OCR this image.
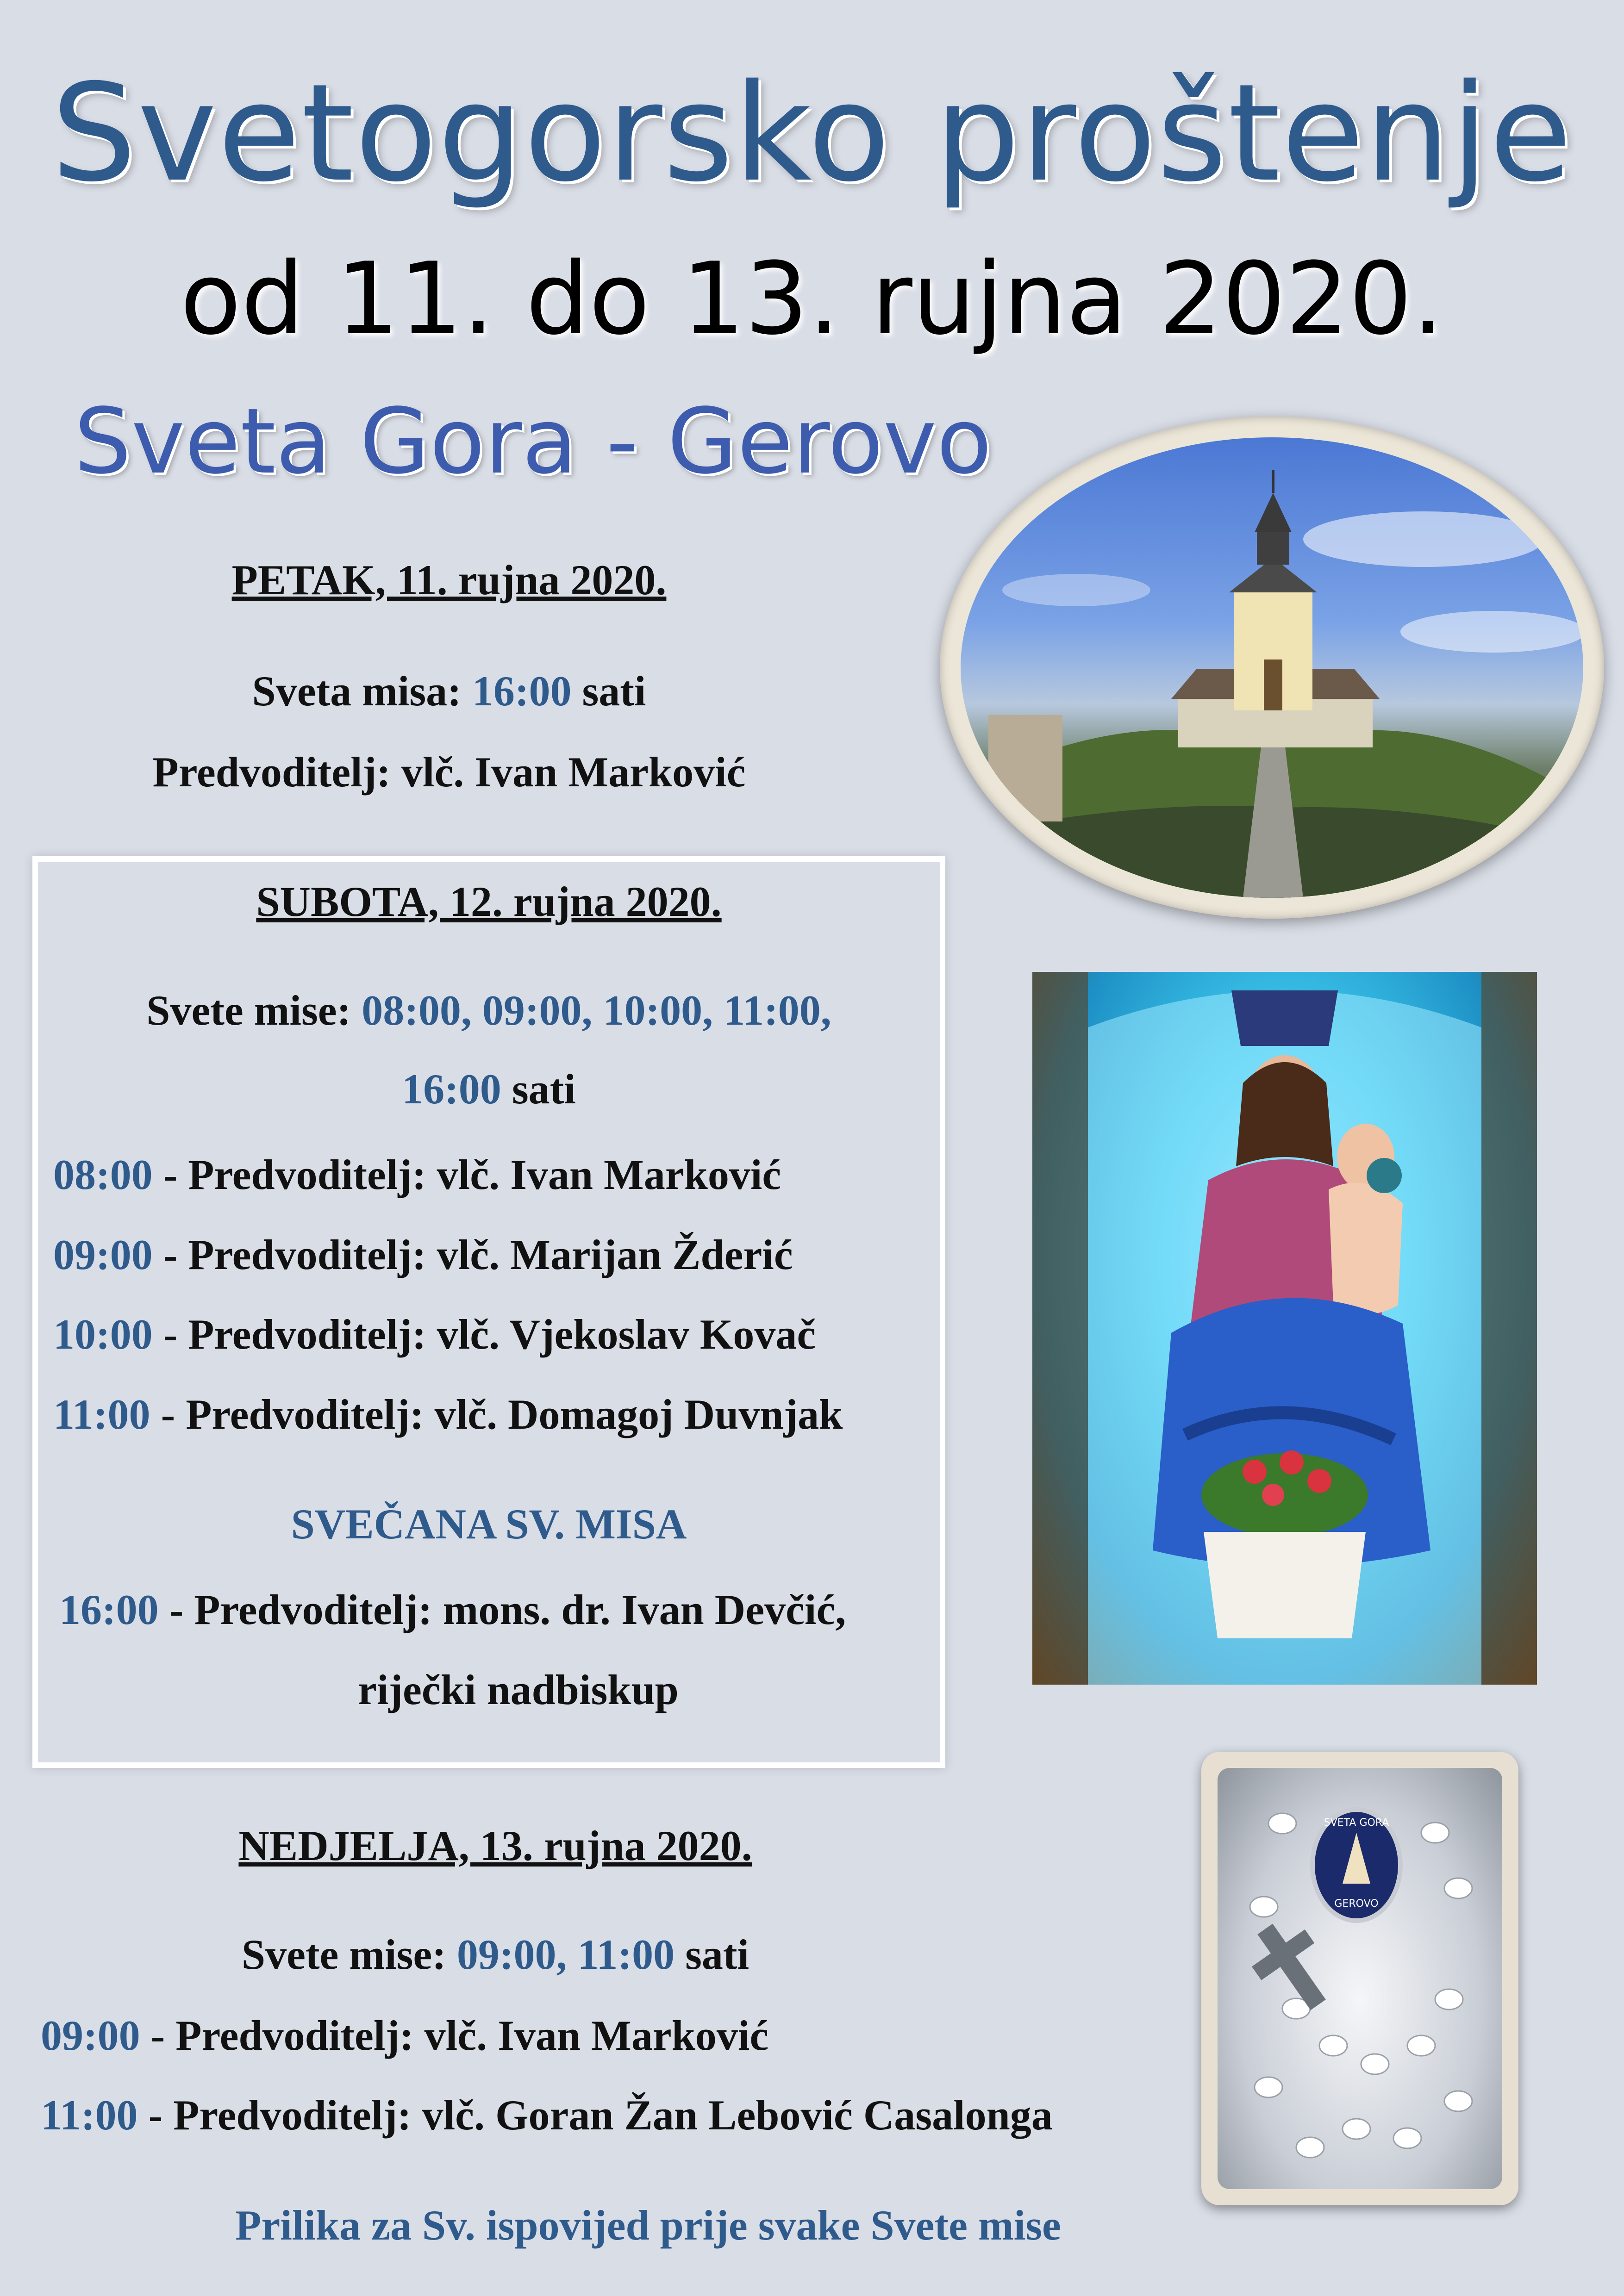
Svetogorsko proštenje
od 11. do 13. rujna 2020.
Sveta Gora - Gerovo
PETAK, 11. rujna 2020.
Sveta misa: 16:00 sati
Predvoditelj: vlč. Ivan Marković
SUBOTA, 12. rujna 2020.
Svete mise: 08:00, 09:00, 10:00, 11:00,
16:00 sati
08:00 - Predvoditelj: vlč. Ivan Marković
09:00 - Predvoditelj: vlč. Marijan Žderić
10:00 - Predvoditelj: vlč. Vjekoslav Kovač
11:00 - Predvoditelj: vlč. Domagoj Duvnjak
SVEČANA SV. MISA
16:00 - Predvoditelj: mons. dr. Ivan Devčić,
riječki nadbiskup
NEDJELJA, 13. rujna 2020.
Svete mise: 09:00, 11:00 sati
09:00 - Predvoditelj: vlč. Ivan Marković
11:00 - Predvoditelj: vlč. Goran Žan Lebović Casalonga
Prilika za Sv. ispovijed prije svake Svete mise
SVETA GORA
GEROVO
